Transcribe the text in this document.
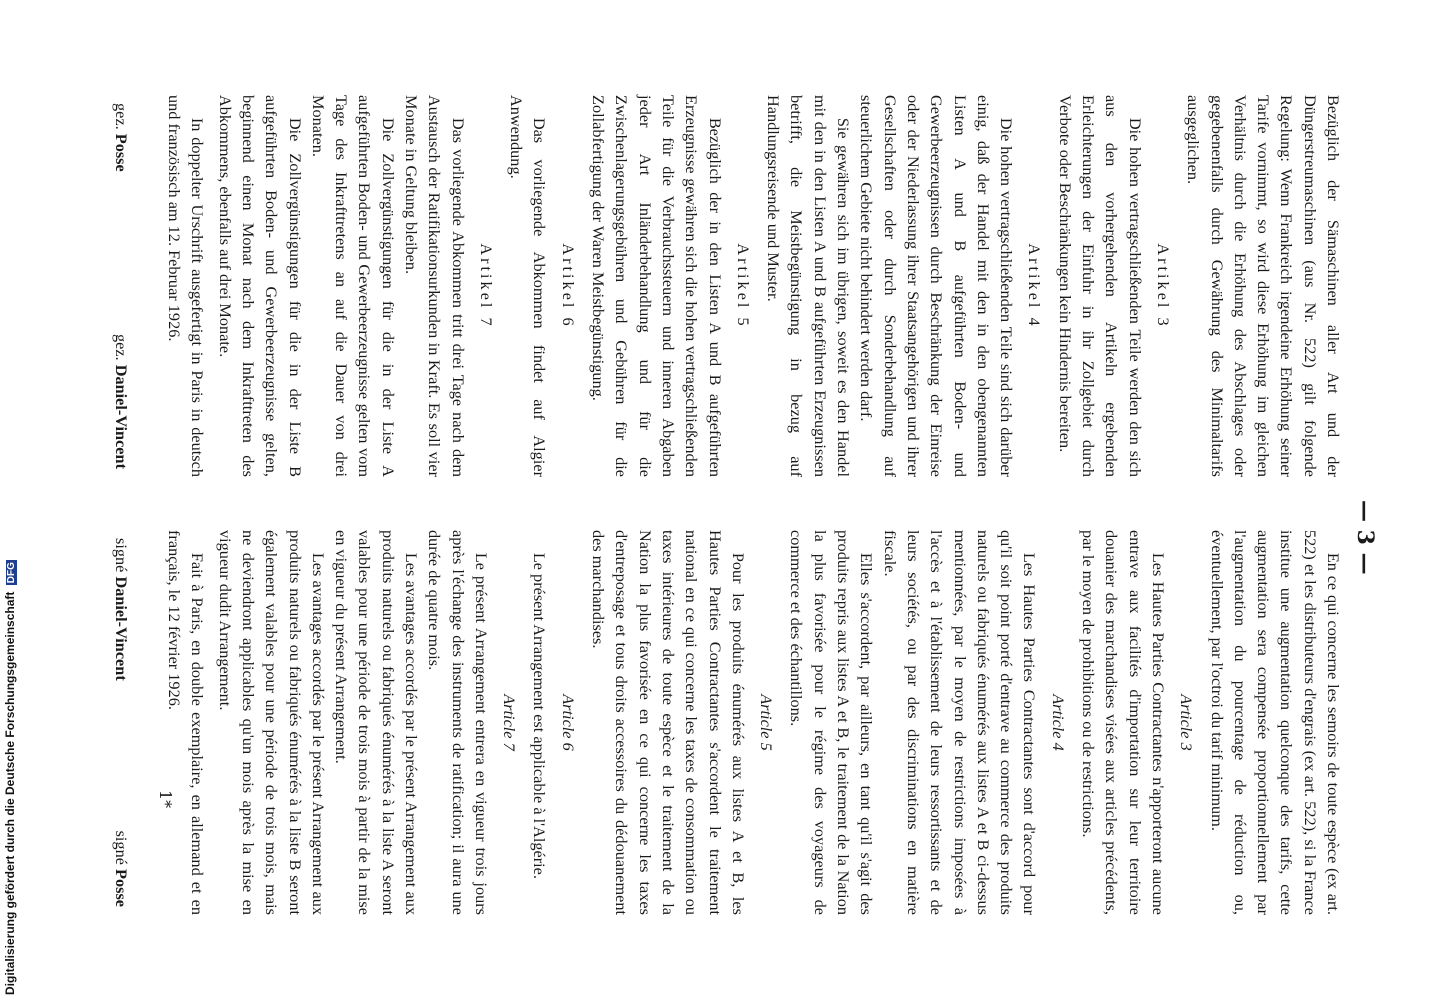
— 3 —

Bezüglich der Sämaschinen aller Art und der Düngerstreumaschinen (aus Nr. 522) gilt folgende Regelung: Wenn Frankreich irgendeine Erhöhung seiner Tarife vornimmt, so wird diese Erhöhung im gleichen Verhältnis durch die Erhöhung des Abschlages oder gegebenenfalls durch Gewährung des Minimaltarifs ausgeglichen.

Artikel 3

Die hohen vertragschließenden Teile werden den sich aus den vorhergehenden Artikeln ergebenden Erleichterungen der Einfuhr in ihr Zollgebiet durch Verbote oder Beschränkungen kein Hindernis bereiten.

Artikel 4

Die hohen vertragschließenden Teile sind sich darüber einig, daß der Handel mit den in den obengenannten Listen A und B aufgeführten Boden- und Gewerbeerzeugnissen durch Beschränkung der Einreise oder der Niederlassung ihrer Staatsangehörigen und ihrer Gesellschaften oder durch Sonderbehandlung auf steuerlichem Gebiete nicht behindert werden darf.

Sie gewähren sich im übrigen, soweit es den Handel mit den in den Listen A und B aufgeführten Erzeugnissen betrifft, die Meistbegünstigung in bezug auf Handlungsreisende und Muster.

Artikel 5

Bezüglich der in den Listen A und B aufgeführten Erzeugnisse gewähren sich die hohen vertragschließenden Teile für die Verbrauchssteuern und inneren Abgaben jeder Art Inländerbehandlung und für die Zwischenlagerungsgebühren und Gebühren für die Zollabfertigung der Waren Meistbegünstigung.

Artikel 6

Das vorliegende Abkommen findet auf Algier Anwendung.

Artikel 7

Das vorliegende Abkommen tritt drei Tage nach dem Austausch der Ratifikationsurkunden in Kraft. Es soll vier Monate in Geltung bleiben.

Die Zollvergünstigungen für die in der Liste A aufgeführten Boden- und Gewerbeerzeugnisse gelten vom Tage des Inkrafttretens an auf die Dauer von drei Monaten.

Die Zollvergünstigungen für die in der Liste B aufgeführten Boden- und Gewerbeerzeugnisse gelten, beginnend einen Monat nach dem Inkrafttreten des Abkommens, ebenfalls auf drei Monate.

In doppelter Urschrift ausgefertigt in Paris in deutsch und französisch am 12. Februar 1926.

gez. Posse
gez. Daniel-Vincent

En ce qui concerne les semoirs de toute espèce (ex art. 522) et les distributeurs d'engrais (ex art. 522), si la France institue une augmentation quelconque des tarifs, cette augmentation sera compensée proportionnellement par l'augmentation du pourcentage de réduction ou, éventuellement, par l'octroi du tarif minimum.

Article 3

Les Hautes Parties Contractantes n'apporteront aucune entrave aux facilités d'importation sur leur territoire douanier des marchandises visées aux articles précédents, par le moyen de prohibitions ou de restrictions.

Article 4

Les Hautes Parties Contractantes sont d'accord pour qu'il soit point porté d'entrave au commerce des produits naturels ou fabriqués énumérés aux listes A et B ci-dessus mentionnées, par le moyen de restrictions imposées à l'accès et à l'établissement de leurs ressortissants et de leurs sociétés, ou par des discriminations en matière fiscale.

Elles s'accordent, par ailleurs, en tant qu'il s'agit des produits repris aux listes A et B, le traitement de la Nation la plus favorisée pour le régime des voyageurs de commerce et des échantillons.

Article 5

Pour les produits énumérés aux listes A et B, les Hautes Parties Contractantes s'accordent le traitement national en ce qui concerne les taxes de consommation ou taxes intérieures de toute espèce et le traitement de la Nation la plus favorisée en ce qui concerne les taxes d'entreposage et tous droits accessoires du dédouanement des marchandises.

Article 6

Le présent Arrangement est applicable à l'Algérie.

Article 7

Le présent Arrangement entrera en vigueur trois jours après l'échange des instruments de ratification; il aura une durée de quatre mois.

Les avantages accordés par le présent Arrangement aux produits naturels ou fabriqués énumérés à la liste A seront valables pour une période de trois mois à partir de la mise en vigueur du présent Arrangement.

Les avantages accordés par le présent Arrangement aux produits naturels ou fabriqués énumérés à la liste B seront également valables pour une période de trois mois, mais ne deviendront applicables qu'un mois après la mise en vigueur dudit Arrangement.

Fait à Paris, en double exemplaire, en allemand et en français, le 12 février 1926.

signé Daniel-Vincent
signé Posse
1*
Digitalisierung gefördert durch die Deutsche Forschungsgemeinschaft DFG
